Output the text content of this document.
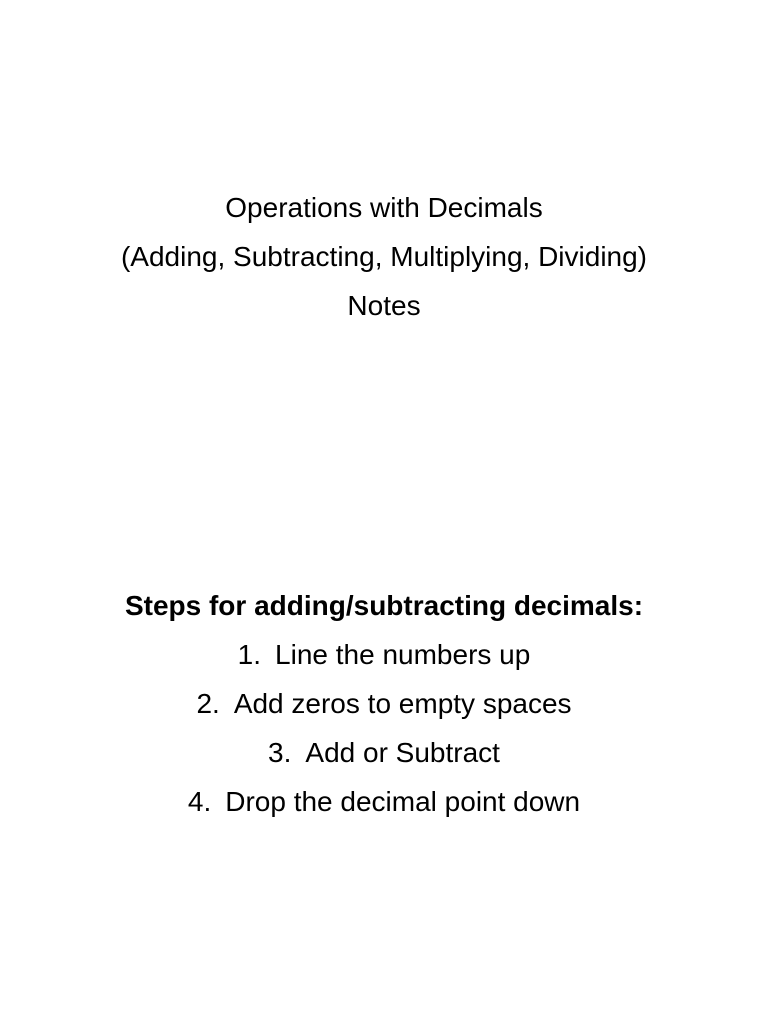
Operations with Decimals
(Adding, Subtracting, Multiplying, Dividing)
Notes
Steps for adding/subtracting decimals:
1. Line the numbers up
2. Add zeros to empty spaces
3. Add or Subtract
4. Drop the decimal point down
